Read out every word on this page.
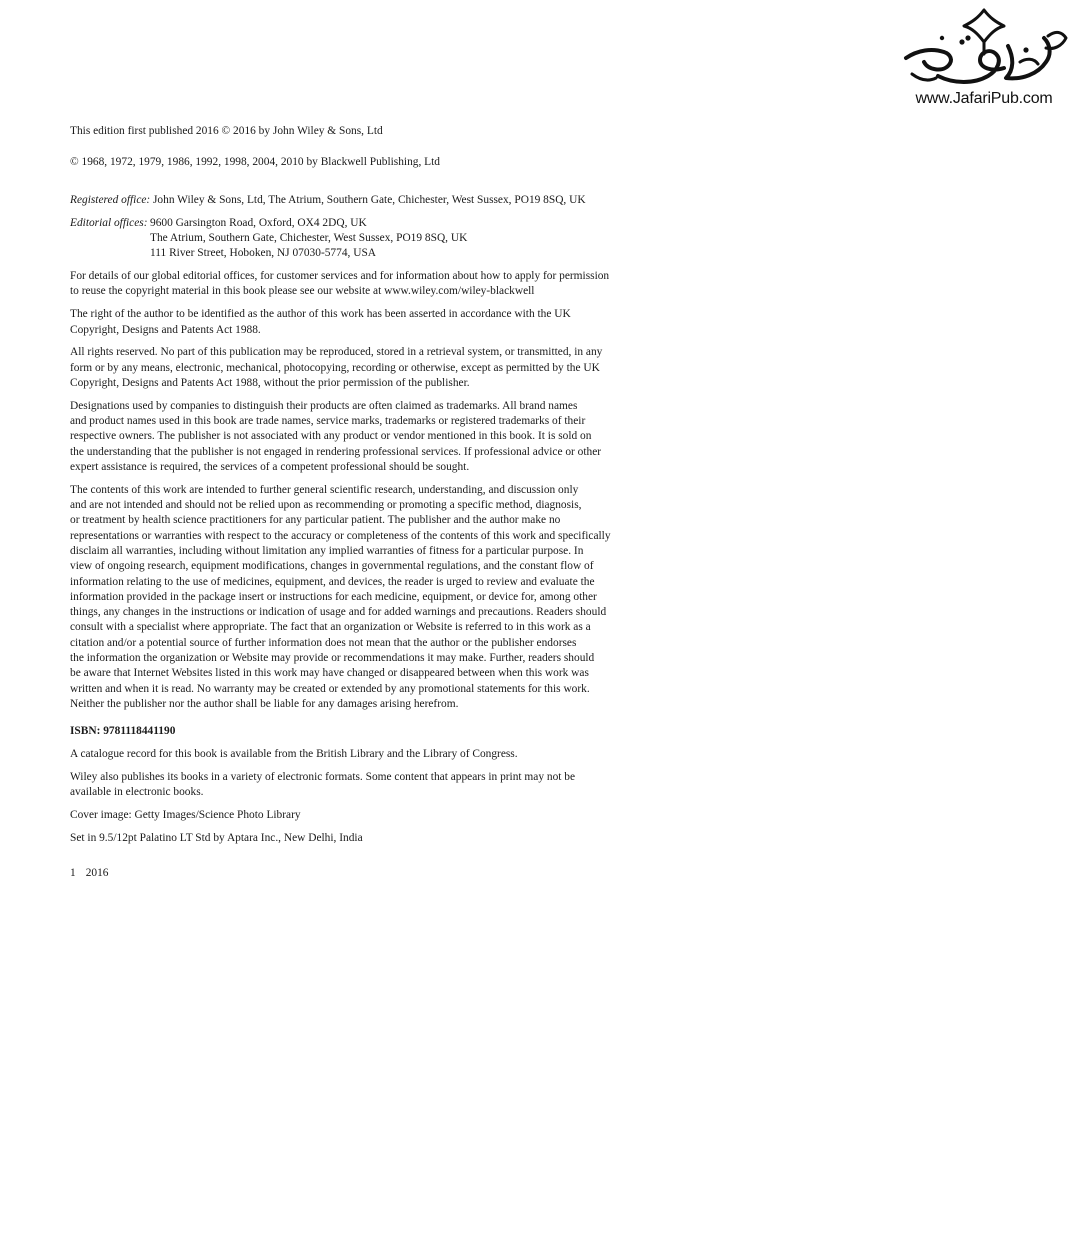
www.JafariPub.com

This edition first published 2016 © 2016 by John Wiley & Sons, Ltd

© 1968, 1972, 1979, 1986, 1992, 1998, 2004, 2010 by Blackwell Publishing, Ltd

Registered office: John Wiley & Sons, Ltd, The Atrium, Southern Gate, Chichester, West Sussex, PO19 8SQ, UK
Editorial offices: 9600 Garsington Road, Oxford, OX4 2DQ, UK
The Atrium, Southern Gate, Chichester, West Sussex, PO19 8SQ, UK
111 River Street, Hoboken, NJ 07030-5774, USA

For details of our global editorial offices, for customer services and for information about how to apply for permission
to reuse the copyright material in this book please see our website at www.wiley.com/wiley-blackwell

The right of the author to be identified as the author of this work has been asserted in accordance with the UK
Copyright, Designs and Patents Act 1988.

All rights reserved. No part of this publication may be reproduced, stored in a retrieval system, or transmitted, in any
form or by any means, electronic, mechanical, photocopying, recording or otherwise, except as permitted by the UK
Copyright, Designs and Patents Act 1988, without the prior permission of the publisher.

Designations used by companies to distinguish their products are often claimed as trademarks. All brand names
and product names used in this book are trade names, service marks, trademarks or registered trademarks of their
respective owners. The publisher is not associated with any product or vendor mentioned in this book. It is sold on
the understanding that the publisher is not engaged in rendering professional services. If professional advice or other
expert assistance is required, the services of a competent professional should be sought.

The contents of this work are intended to further general scientific research, understanding, and discussion only
and are not intended and should not be relied upon as recommending or promoting a specific method, diagnosis,
or treatment by health science practitioners for any particular patient. The publisher and the author make no
representations or warranties with respect to the accuracy or completeness of the contents of this work and specifically
disclaim all warranties, including without limitation any implied warranties of fitness for a particular purpose. In
view of ongoing research, equipment modifications, changes in governmental regulations, and the constant flow of
information relating to the use of medicines, equipment, and devices, the reader is urged to review and evaluate the
information provided in the package insert or instructions for each medicine, equipment, or device for, among other
things, any changes in the instructions or indication of usage and for added warnings and precautions. Readers should
consult with a specialist where appropriate. The fact that an organization or Website is referred to in this work as a
citation and/or a potential source of further information does not mean that the author or the publisher endorses
the information the organization or Website may provide or recommendations it may make. Further, readers should
be aware that Internet Websites listed in this work may have changed or disappeared between when this work was
written and when it is read. No warranty may be created or extended by any promotional statements for this work.
Neither the publisher nor the author shall be liable for any damages arising herefrom.

ISBN: 9781118441190

A catalogue record for this book is available from the British Library and the Library of Congress.

Wiley also publishes its books in a variety of electronic formats. Some content that appears in print may not be
available in electronic books.

Cover image: Getty Images/Science Photo Library

Set in 9.5/12pt Palatino LT Std by Aptara Inc., New Delhi, India

1 2016
